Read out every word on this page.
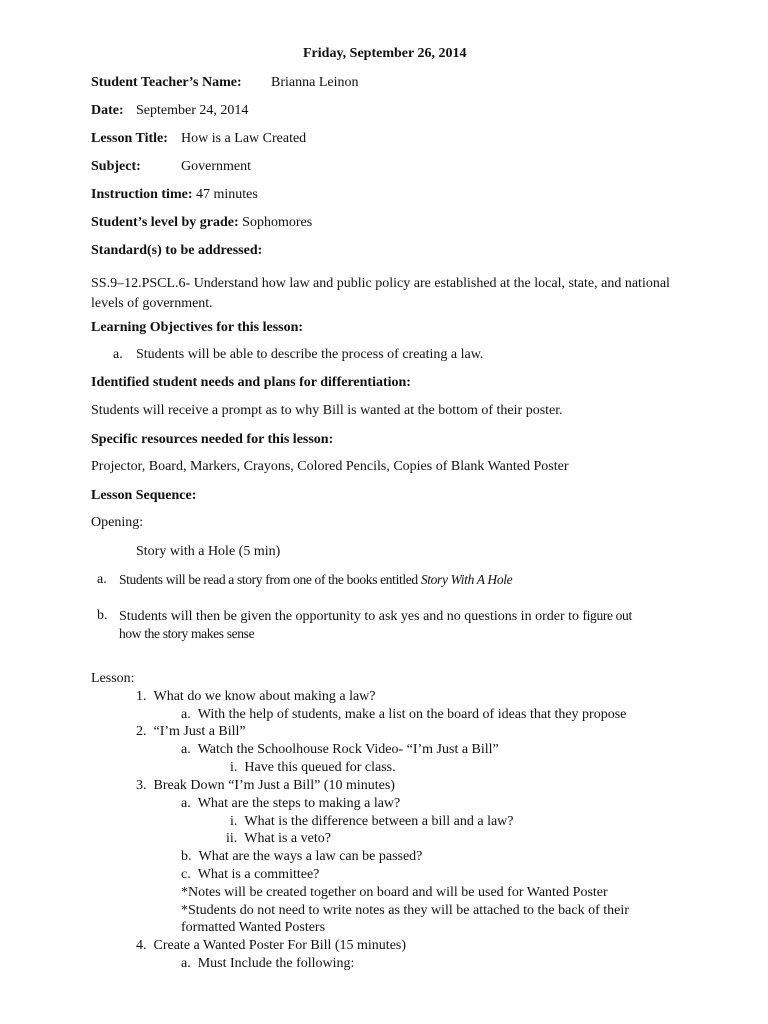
Friday, September 26, 2014
Student Teacher’s Name: Brianna Leinon
Date: September 24, 2014
Lesson Title: How is a Law Created
Subject:	Government
Instruction time: 47 minutes
Student’s level by grade: Sophomores
Standard(s) to be addressed:
SS.9–12.PSCL.6- Understand how law and public policy are established at the local, state, and national levels of government.
Learning Objectives for this lesson:
a. Students will be able to describe the process of creating a law.
Identified student needs and plans for differentiation:
Students will receive a prompt as to why Bill is wanted at the bottom of their poster.
Specific resources needed for this lesson:
Projector, Board, Markers, Crayons, Colored Pencils, Copies of Blank Wanted Poster
Lesson Sequence:
Opening:
Story with a Hole (5 min)
a. Students will be read a story from one of the books entitled Story With A Hole
b. Students will then be given the opportunity to ask yes and no questions in order to figure out
how the story makes sense
Lesson:
1.  What do we know about making a law?
a.  With the help of students, make a list on the board of ideas that they propose
2.  “I’m Just a Bill”
a.  Watch the Schoolhouse Rock Video- “I’m Just a Bill”
i.  Have this queued for class.
3.  Break Down “I’m Just a Bill” (10 minutes)
a.  What are the steps to making a law?
i.  What is the difference between a bill and a law?
ii.  What is a veto?
b.  What are the ways a law can be passed?
c.  What is a committee?
*Notes will be created together on board and will be used for Wanted Poster
*Students do not need to write notes as they will be attached to the back of their
formatted Wanted Posters
4.  Create a Wanted Poster For Bill (15 minutes)
a.  Must Include the following:
